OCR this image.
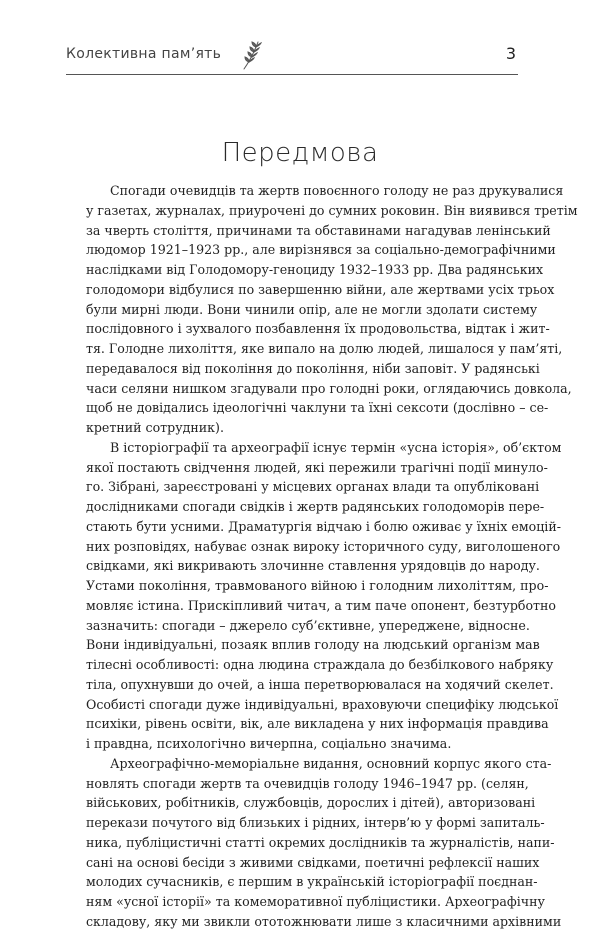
Колективна пам’ять	3
Передмова
Спогади очевидців та жертв повоєнного голоду не раз друкувалися
у газетах, журналах, приурочені до сумних роковин. Він виявився третім
за чверть століття, причинами та обставинами нагадував ленінський
людомор 1921–1923 рр., але вирізнявся за соціально-демографічними
наслідками від Голодомору-геноциду 1932–1933 рр. Два радянських
голодомори відбулися по завершенню війни, але жертвами усіх трьох
були мирні люди. Вони чинили опір, але не могли здолати систему
послідовного і зухвалого позбавлення їх продовольства, відтак і жит-
тя. Голодне лихоліття, яке випало на долю людей, лишалося у пам’яті,
передавалося від покоління до покоління, ніби заповіт. У радянські
часи селяни нишком згадували про голодні роки, оглядаючись довкола,
щоб не довідались ідеологічні чаклуни та їхні сексоти (дослівно – се-
кретний сотрудник).
В історіографії та археографії існує термін «усна історія», об’єктом
якої постають свідчення людей, які пережили трагічні події минуло-
го. Зібрані, зареєстровані у місцевих органах влади та опубліковані
дослідниками спогади свідків і жертв радянських голодоморів пере-
стають бути усними. Драматургія відчаю і болю оживає у їхніх емоцій-
них розповідях, набуває ознак вироку історичного суду, виголошеного
свідками, які викривають злочинне ставлення урядовців до народу.
Устами покоління, травмованого війною і голодним лихоліттям, про-
мовляє істина. Прискіпливий читач, а тим паче опонент, безтурботно
зазначить: спогади – джерело суб’єктивне, упереджене, відносне.
Вони індивідуальні, позаяк вплив голоду на людський організм мав
тілесні особливості: одна людина страждала до безбілкового набряку
тіла, опухнувши до очей, а інша перетворювалася на ходячий скелет.
Особисті спогади дуже індивідуальні, враховуючи специфіку людської
психіки, рівень освіти, вік, але викладена у них інформація правдива
і правдна, психологічно вичерпна, соціально значима.
Археографічно-меморіальне видання, основний корпус якого ста-
новлять спогади жертв та очевидців голоду 1946–1947 рр. (селян,
військових, робітників, службовців, дорослих і дітей), авторизовані
перекази почутого від близьких і рідних, інтерв’ю у формі запиталь-
ника, публіцистичні статті окремих дослідників та журналістів, напи-
сані на основі бесіди з живими свідками, поетичні рефлексії наших
молодих сучасників, є першим в українській історіографії поєднан-
ням «усної історії» та комеморативної публіцистики. Археографічну
складову, яку ми звикли ототожнювати лише з класичними архівними
